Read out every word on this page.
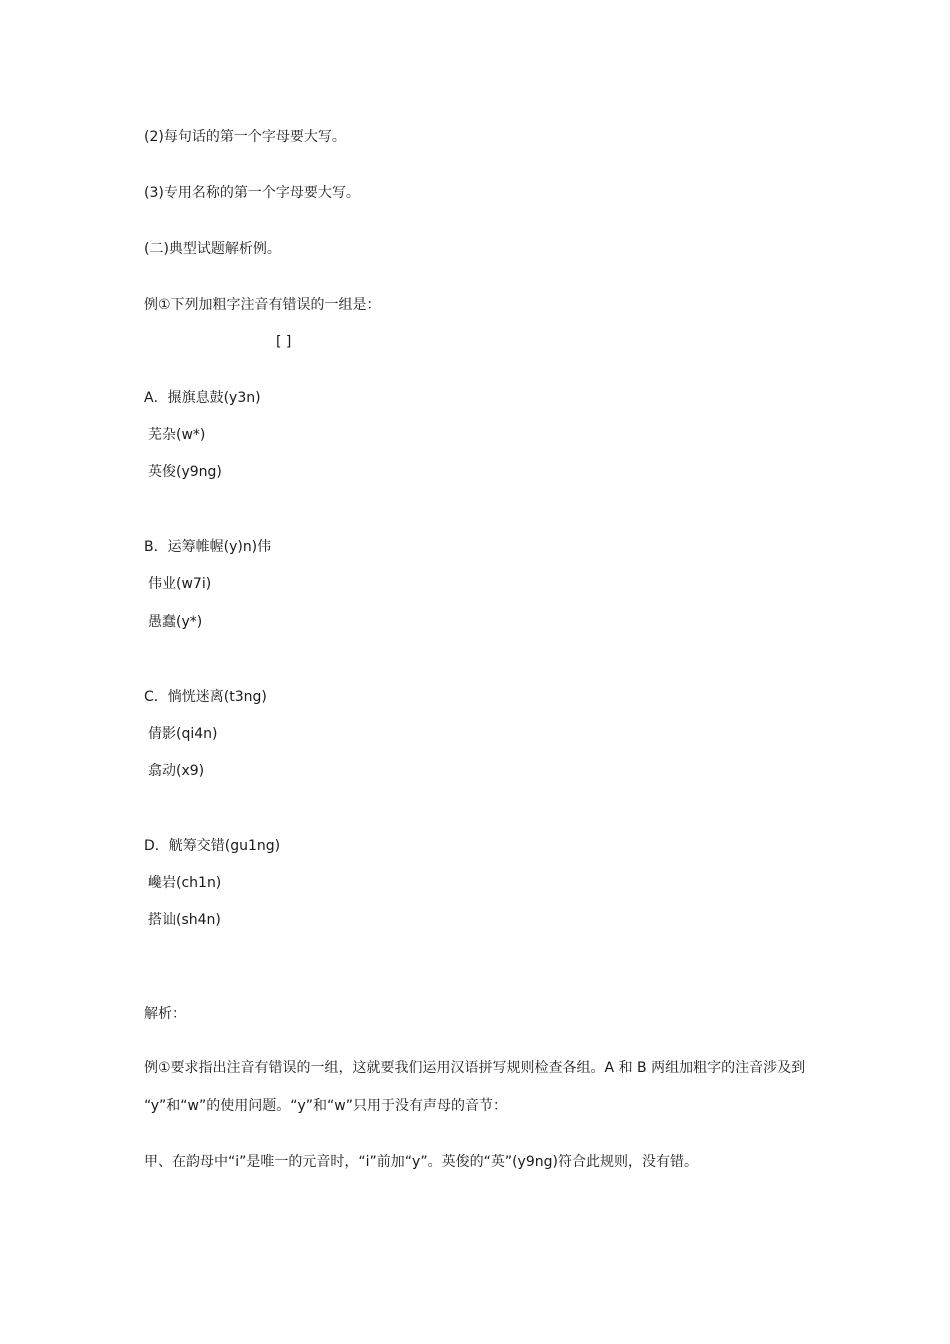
(2)每句话的第一个字母要大写。
(3)专用名称的第一个字母要大写。
(二)典型试题解析例。
例①下列加粗字注音有错误的一组是：
[ ]
A．搌旗息鼓(y3n)
芜杂(w*)
英俊(y9ng)
B．运筹帷幄(y)n)伟
伟业(w7i)
愚蠢(y*)
C．惝恍迷离(t3ng)
倩影(qi4n)
翕动(x9)
D．觥筹交错(gu1ng)
巉岩(ch1n)
搭讪(sh4n)
解析：
例①要求指出注音有错误的一组，这就要我们运用汉语拼写规则检查各组。A 和 B 两组加粗字的注音涉及到
“y”和“w”的使用问题。“y”和“w”只用于没有声母的音节：
甲、在韵母中“i”是唯一的元音时，“i”前加“y”。英俊的“英”(y9ng)符合此规则，没有错。
